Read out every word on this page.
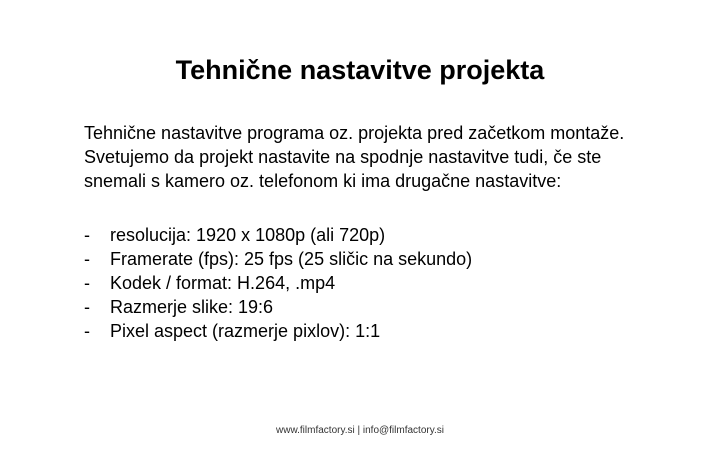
Tehnične nastavitve projekta

Tehnične nastavitve programa oz. projekta pred začetkom montaže.
Svetujemo da projekt nastavite na spodnje nastavitve tudi, če ste
snemali s kamero oz. telefonom ki ima drugačne nastavitve:

-	resolucija: 1920 x 1080p (ali 720p)
-	Framerate (fps): 25 fps (25 sličic na sekundo)
-	Kodek / format: H.264, .mp4
-	Razmerje slike: 19:6
-	Pixel aspect (razmerje pixlov): 1:1
www.filmfactory.si | info@filmfactory.si
